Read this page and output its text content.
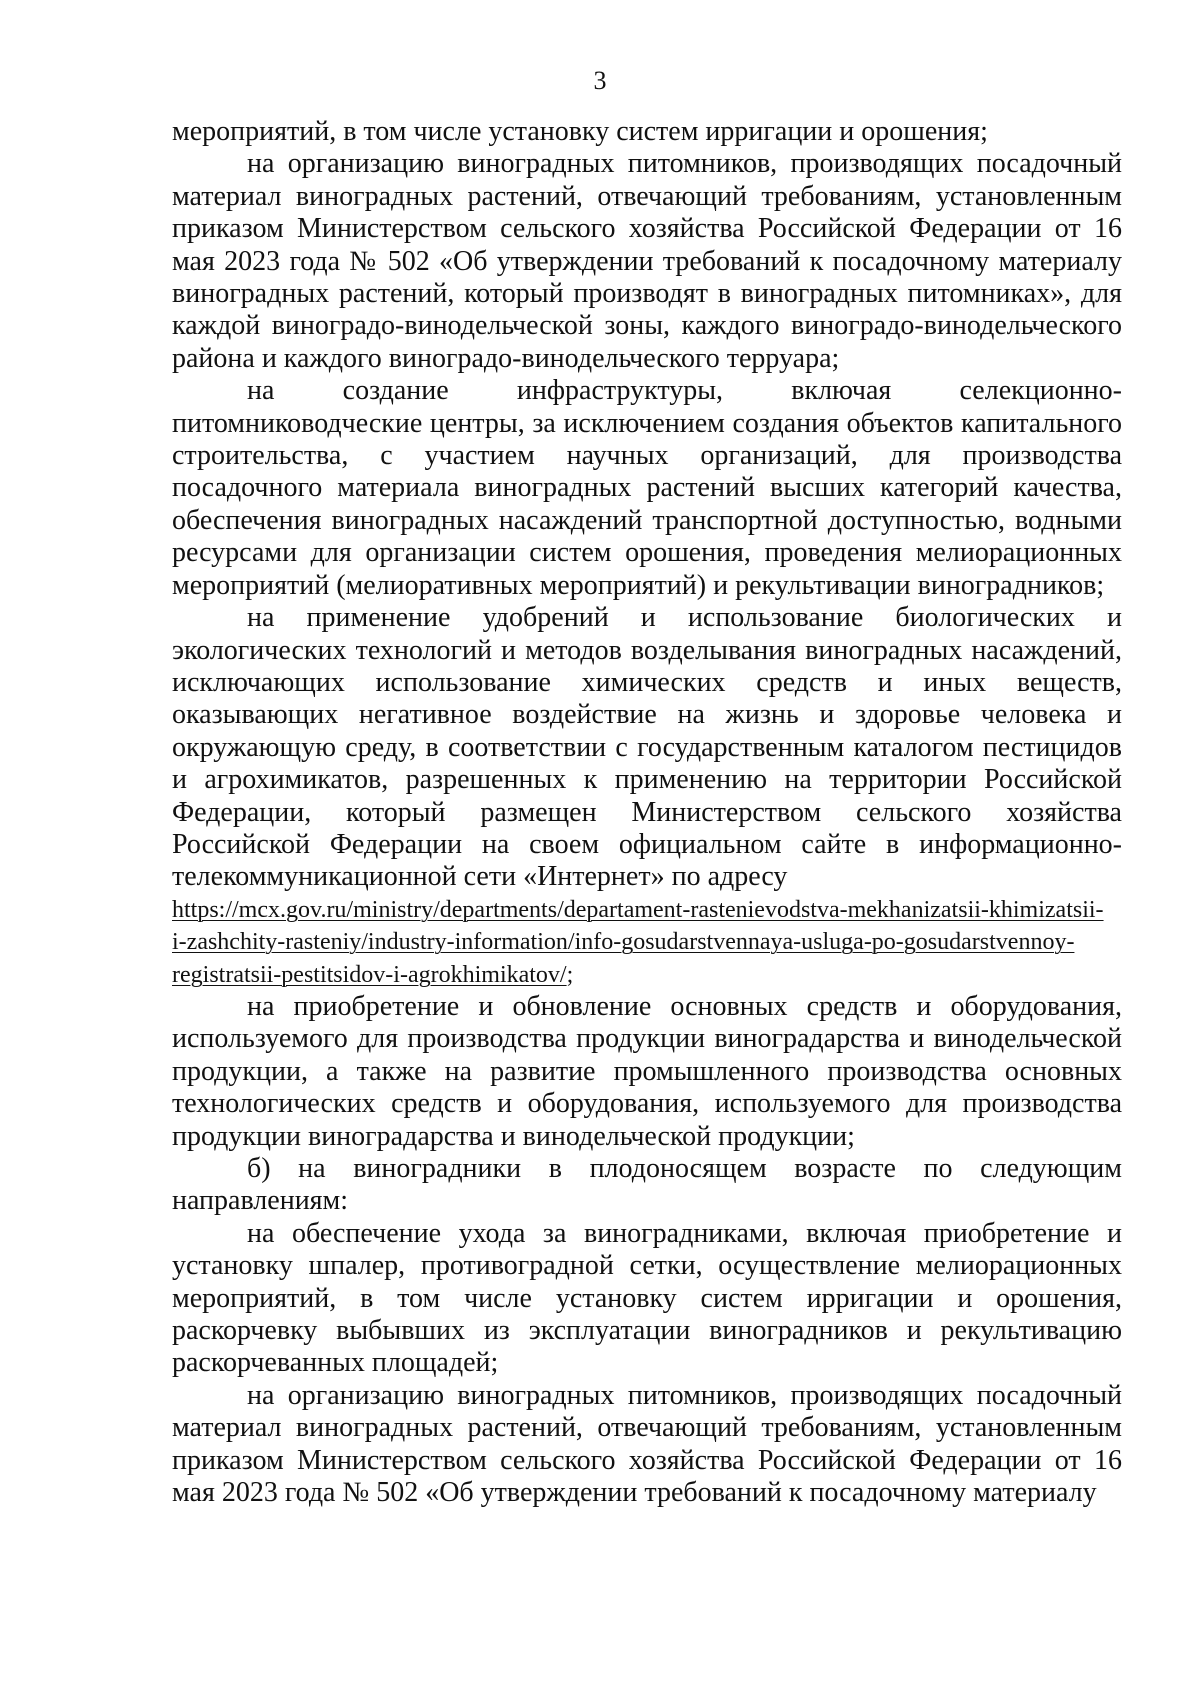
3

мероприятий, в том числе установку систем ирригации и орошения;

на организацию виноградных питомников, производящих посадочный материал виноградных растений, отвечающий требованиям, установленным приказом Министерством сельского хозяйства Российской Федерации от 16 мая 2023 года № 502 «Об утверждении требований к посадочному материалу виноградных растений, который производят в виноградных питомниках», для каждой виноградо-винодельческой зоны, каждого виноградо-винодельческого района и каждого виноградо-винодельческого терруара;

на создание инфраструктуры, включая селекционно-питомниководческие центры, за исключением создания объектов капитального строительства, с участием научных организаций, для производства посадочного материала виноградных растений высших категорий качества, обеспечения виноградных насаждений транспортной доступностью, водными ресурсами для организации систем орошения, проведения мелиорационных мероприятий (мелиоративных мероприятий) и рекультивации виноградников;

на применение удобрений и использование биологических и экологических технологий и методов возделывания виноградных насаждений, исключающих использование химических средств и иных веществ, оказывающих негативное воздействие на жизнь и здоровье человека и окружающую среду, в соответствии с государственным каталогом пестицидов и агрохимикатов, разрешенных к применению на территории Российской Федерации, который размещен Министерством сельского хозяйства Российской Федерации на своем официальном сайте в информационно-телекоммуникационной сети «Интернет» по адресу

https://mcx.gov.ru/ministry/departments/departament-rastenievodstva-mekhanizatsii-khimizatsii-

i-zashchity-rasteniy/industry-information/info-gosudarstvennaya-usluga-po-gosudarstvennoy-

registratsii-pestitsidov-i-agrokhimikatov/;

на приобретение и обновление основных средств и оборудования, используемого для производства продукции виноградарства и винодельческой продукции, а также на развитие промышленного производства основных технологических средств и оборудования, используемого для производства продукции виноградарства и винодельческой продукции;

б) на виноградники в плодоносящем возрасте по следующим направлениям:

на обеспечение ухода за виноградниками, включая приобретение и установку шпалер, противоградной сетки, осуществление мелиорационных мероприятий, в том числе установку систем ирригации и орошения, раскорчевку выбывших из эксплуатации виноградников и рекультивацию раскорчеванных площадей;

на организацию виноградных питомников, производящих посадочный материал виноградных растений, отвечающий требованиям, установленным приказом Министерством сельского хозяйства Российской Федерации от 16 мая 2023 года № 502 «Об утверждении требований к посадочному материалу
